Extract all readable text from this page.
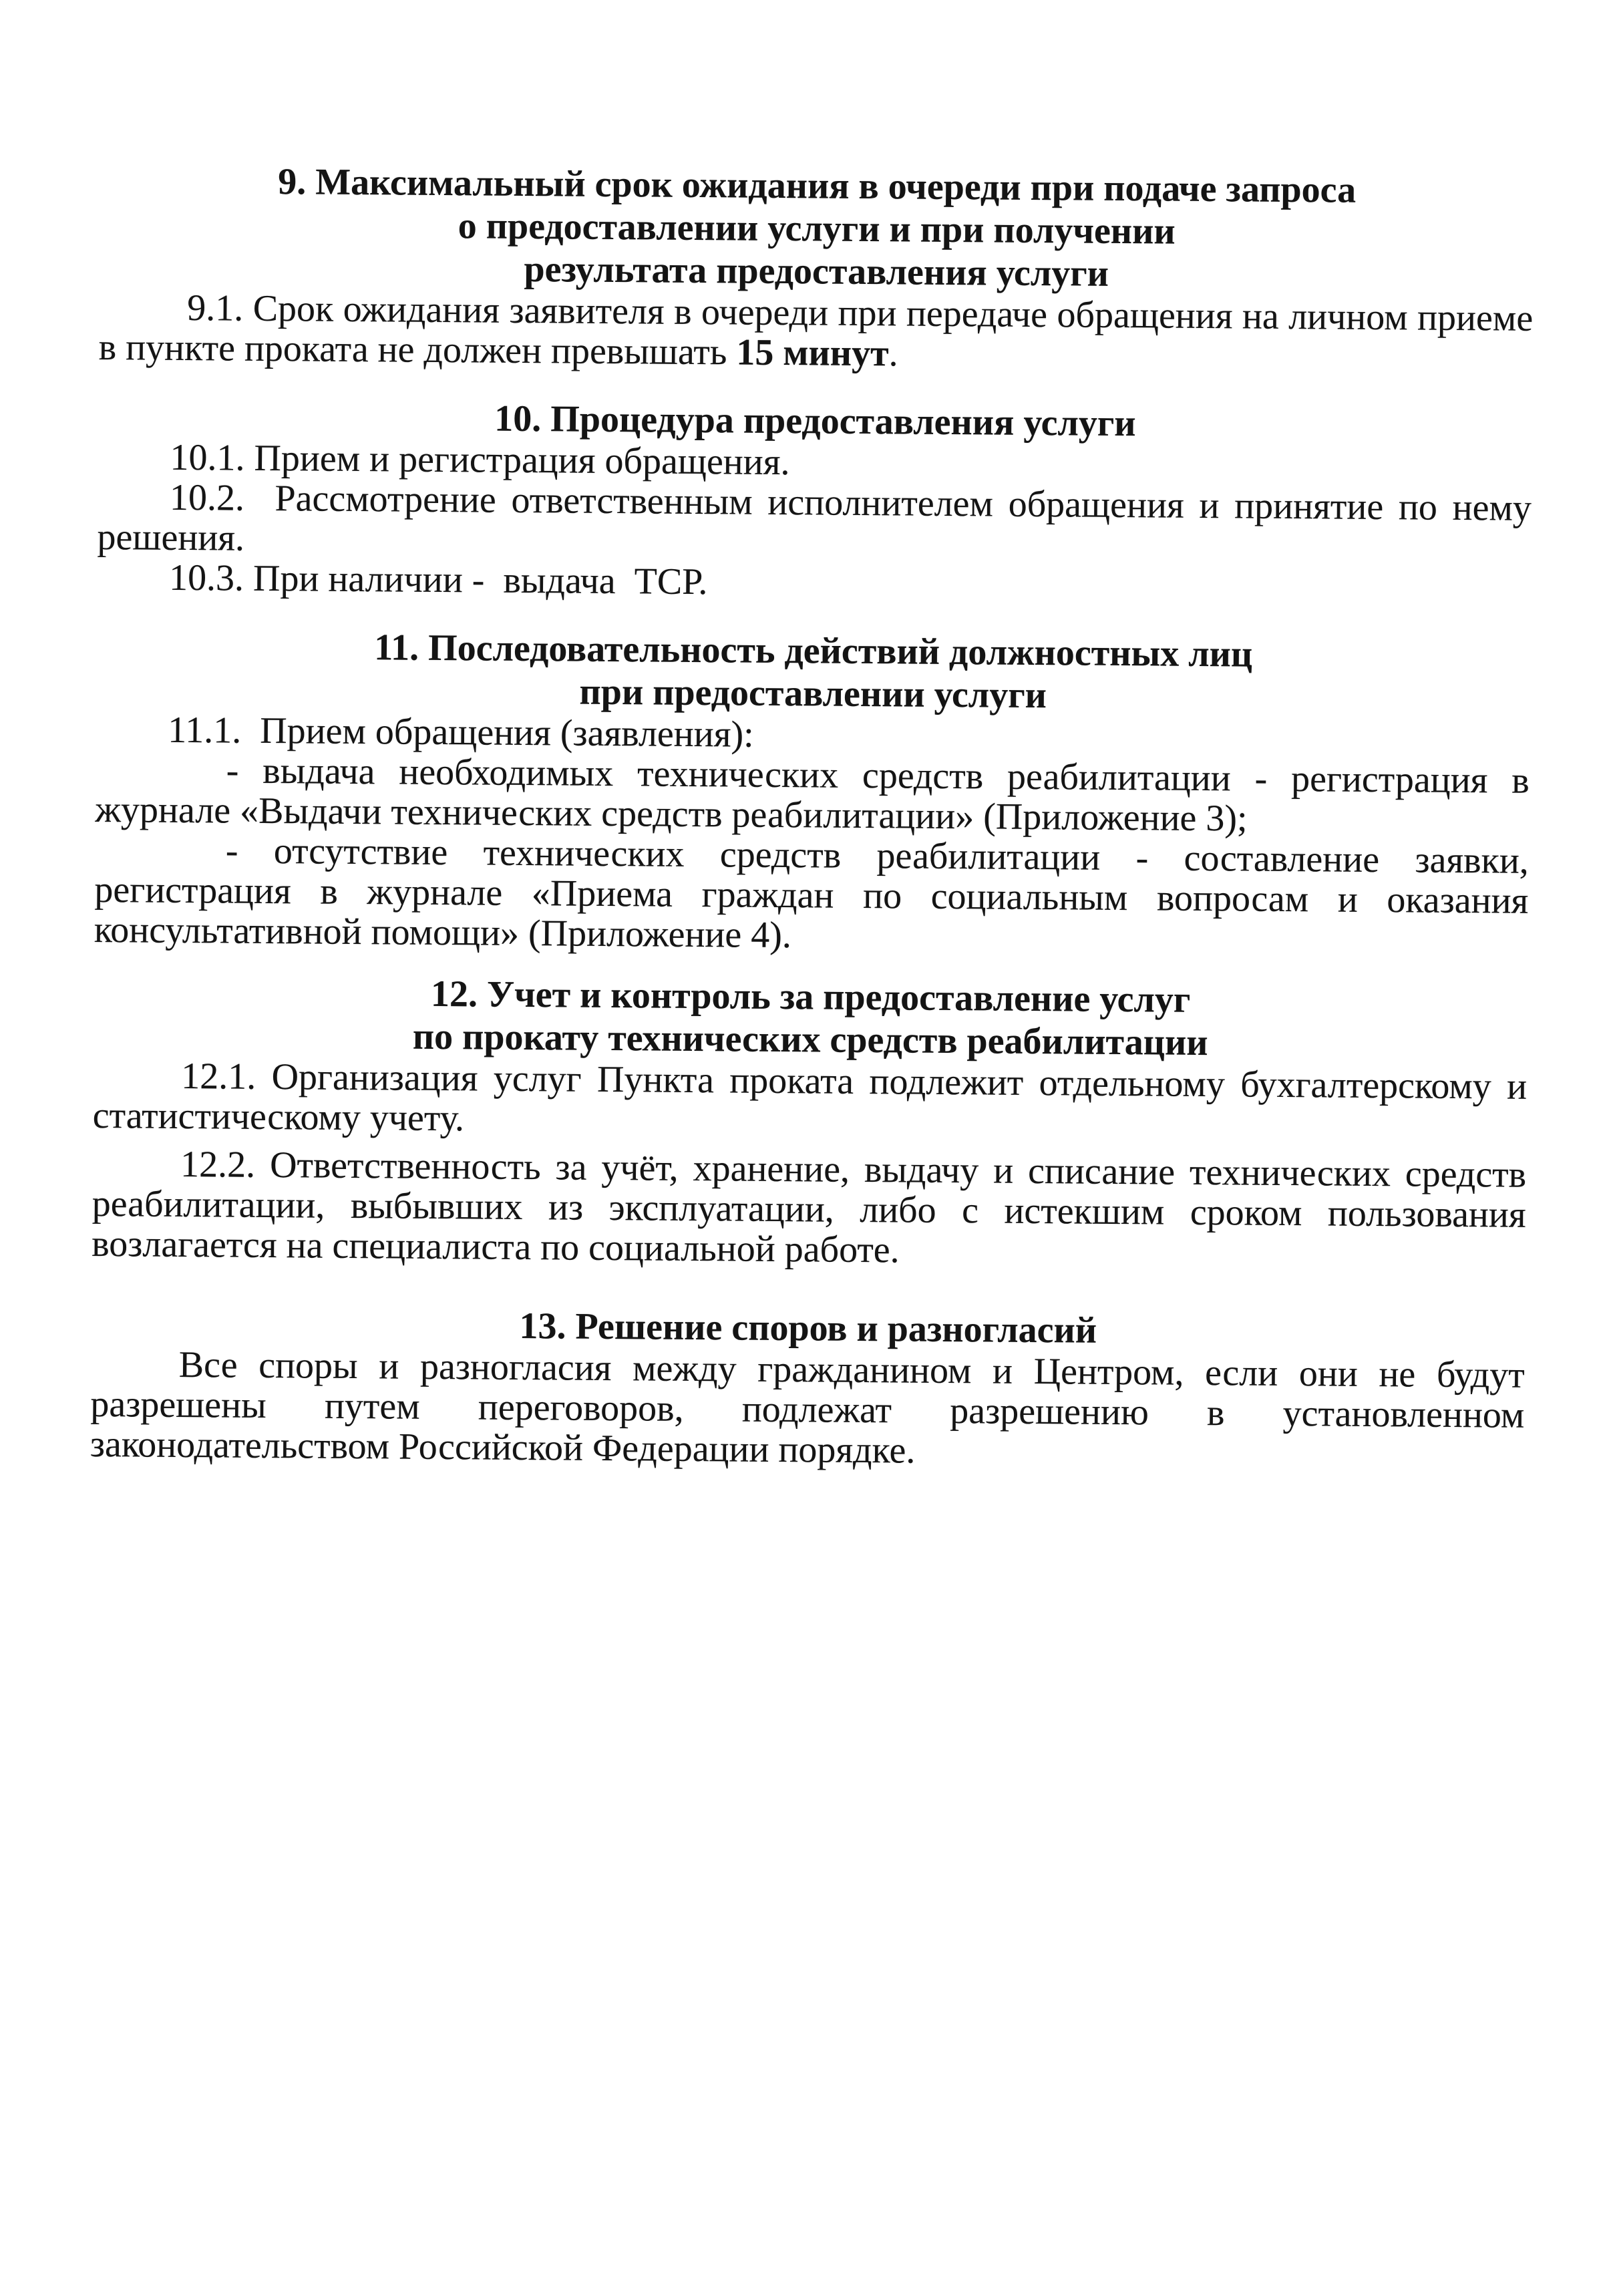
9. Максимальный срок ожидания в очереди при подаче запроса
о предоставлении услуги и при получении
результата предоставления услуги

9.1. Срок ожидания заявителя в очереди при передаче обращения на личном приеме в пункте проката не должен превышать 15 минут.

10. Процедура предоставления услуги

10.1. Прием и регистрация обращения.

10.2.  Рассмотрение ответственным исполнителем обращения и принятие по нему решения.

10.3. При наличии -  выдача  ТСР.

11. Последовательность действий должностных лиц
при предоставлении услуги

11.1.  Прием обращения (заявления):

- выдача необходимых технических средств реабилитации - регистрация в журнале «Выдачи технических средств реабилитации» (Приложение 3);

- отсутствие технических средств реабилитации - составление заявки, регистрация в журнале «Приема граждан по социальным вопросам и оказания консультативной помощи» (Приложение 4).

12. Учет и контроль за предоставление услуг
по прокату технических средств реабилитации

12.1. Организация услуг Пункта проката подлежит отдельному бухгалтерскому и статистическому учету.

12.2. Ответственность за учёт, хранение, выдачу и списание технических средств реабилитации, выбывших из эксплуатации, либо с истекшим сроком пользования возлагается на специалиста по социальной работе.

13. Решение споров и разногласий

Все споры и разногласия между гражданином и Центром, если они не будут разрешены путем переговоров, подлежат разрешению в установленном законодательством Российской Федерации порядке.
